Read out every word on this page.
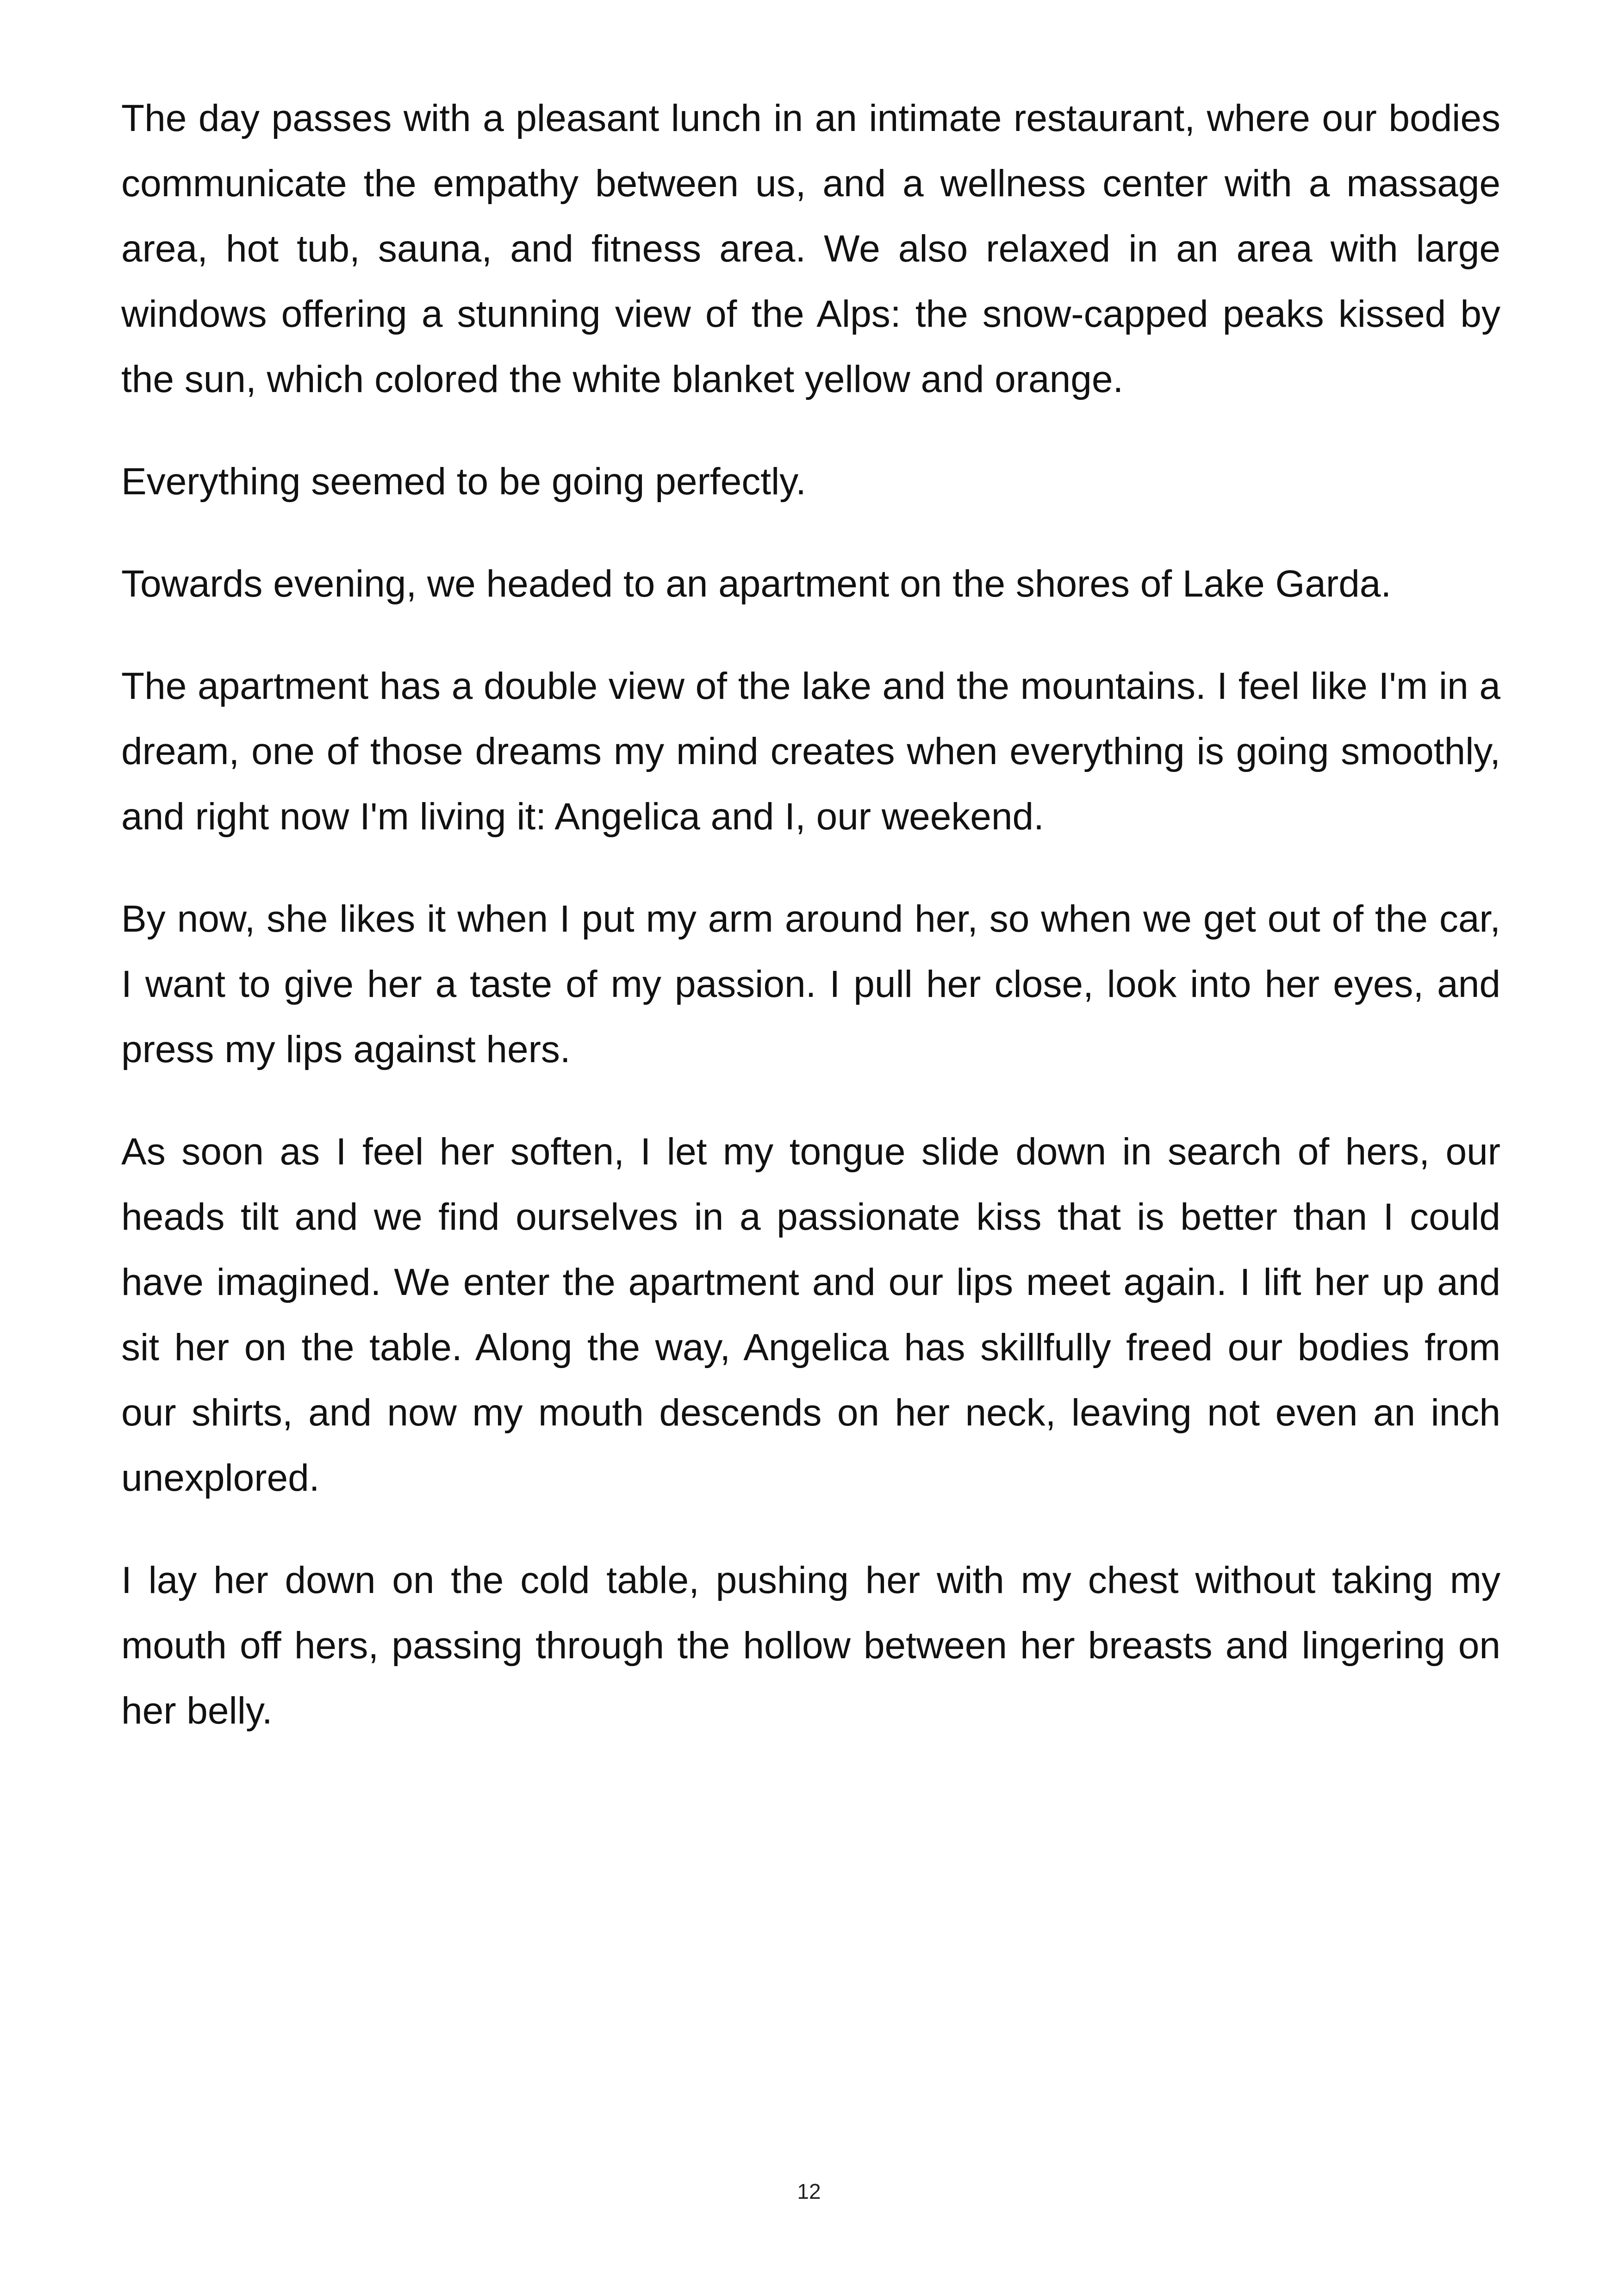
The day passes with a pleasant lunch in an intimate restaurant, where our bodies communicate the empathy between us, and a wellness center with a massage area, hot tub, sauna, and fitness area. We also relaxed in an area with large windows offering a stunning view of the Alps: the snow-capped peaks kissed by the sun, which colored the white blanket yellow and orange.

Everything seemed to be going perfectly.

Towards evening, we headed to an apartment on the shores of Lake Garda.

The apartment has a double view of the lake and the mountains. I feel like I'm in a dream, one of those dreams my mind creates when everything is going smoothly, and right now I'm living it: Angelica and I, our weekend.

By now, she likes it when I put my arm around her, so when we get out of the car, I want to give her a taste of my passion. I pull her close, look into her eyes, and press my lips against hers.

As soon as I feel her soften, I let my tongue slide down in search of hers, our heads tilt and we find ourselves in a passionate kiss that is better than I could have imagined. We enter the apartment and our lips meet again. I lift her up and sit her on the table. Along the way, Angelica has skillfully freed our bodies from our shirts, and now my mouth descends on her neck, leaving not even an inch unexplored.

I lay her down on the cold table, pushing her with my chest without taking my mouth off hers, passing through the hollow between her breasts and lingering on her belly.

12
